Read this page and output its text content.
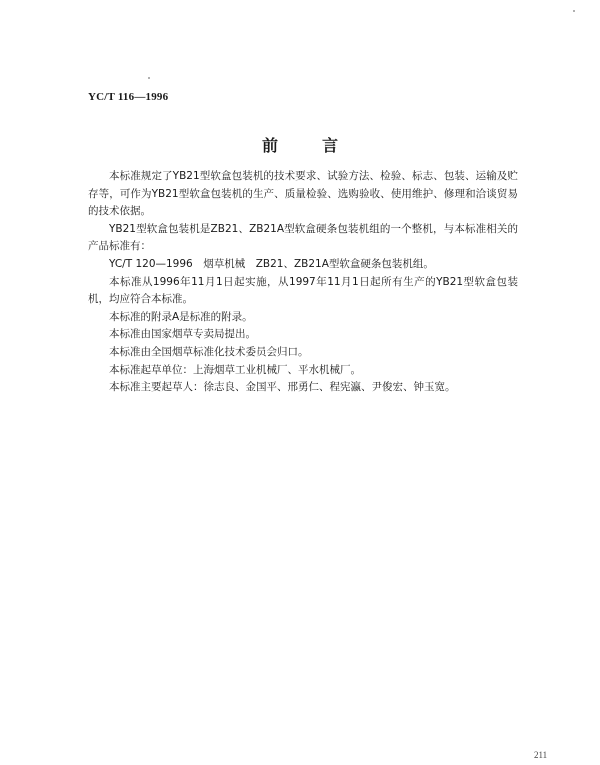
YC/T 116—1996
前言

本标准规定了YB21型软盒包装机的技术要求、试验方法、检验、标志、包装、运输及贮存等，可作为YB21型软盒包装机的生产、质量检验、选购验收、使用维护、修理和洽谈贸易的技术依据。

YB21型软盒包装机是ZB21、ZB21A型软盒硬条包装机组的一个整机，与本标准相关的产品标准有：

YC/T 120—1996　烟草机械　ZB21、ZB21A型软盒硬条包装机组。

本标准从1996年11月1日起实施，从1997年11月1日起所有生产的YB21型软盒包装机，均应符合本标准。

本标准的附录A是标准的附录。

本标准由国家烟草专卖局提出。

本标准由全国烟草标准化技术委员会归口。

本标准起草单位：上海烟草工业机械厂、平水机械厂。

本标准主要起草人：徐志良、金国平、邢勇仁、程宪瀛、尹俊宏、钟玉宽。

211
